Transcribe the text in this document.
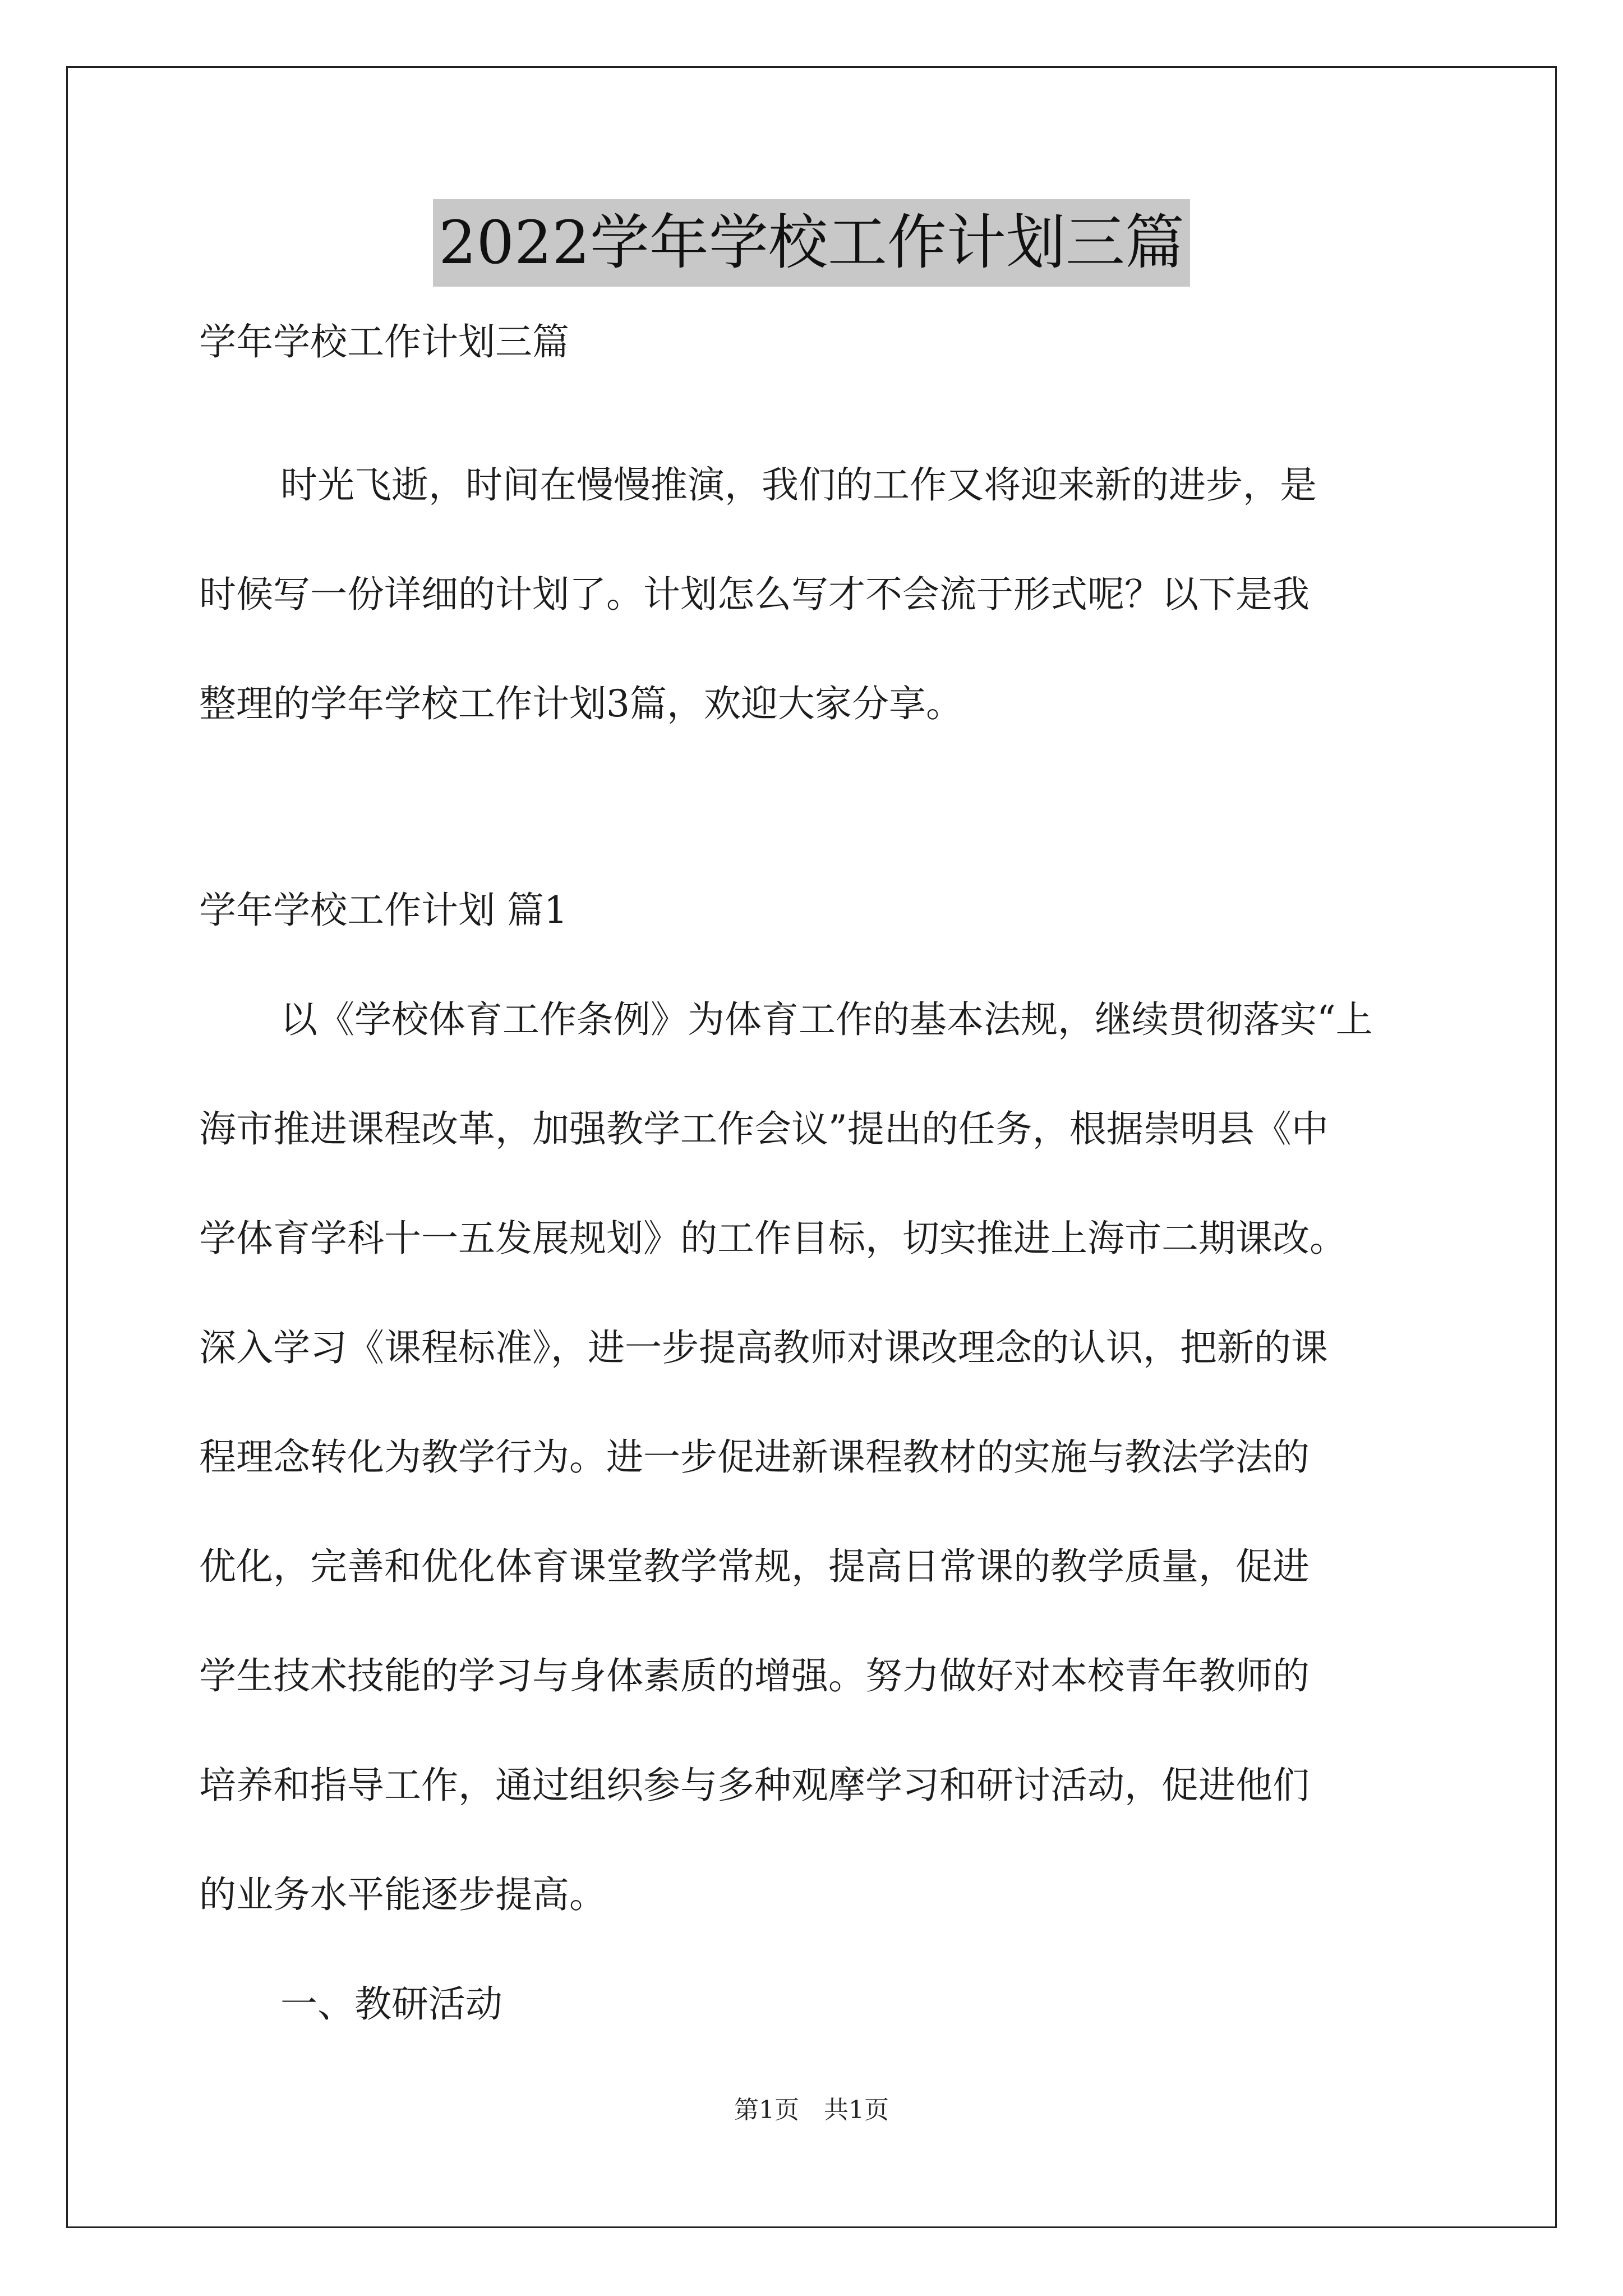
2022学年学校工作计划三篇
学年学校工作计划三篇
时光飞逝，时间在慢慢推演，我们的工作又将迎来新的进步，是
时候写一份详细的计划了。计划怎么写才不会流于形式呢？以下是我
整理的学年学校工作计划3篇，欢迎大家分享。
学年学校工作计划 篇1
以《学校体育工作条例》为体育工作的基本法规，继续贯彻落实“上
海市推进课程改革，加强教学工作会议”提出的任务，根据崇明县《中
学体育学科十一五发展规划》的工作目标，切实推进上海市二期课改。
深入学习《课程标准》，进一步提高教师对课改理念的认识，把新的课
程理念转化为教学行为。进一步促进新课程教材的实施与教法学法的
优化，完善和优化体育课堂教学常规，提高日常课的教学质量，促进
学生技术技能的学习与身体素质的增强。努力做好对本校青年教师的
培养和指导工作，通过组织参与多种观摩学习和研讨活动，促进他们
的业务水平能逐步提高。
一、教研活动
第1页　共1页
